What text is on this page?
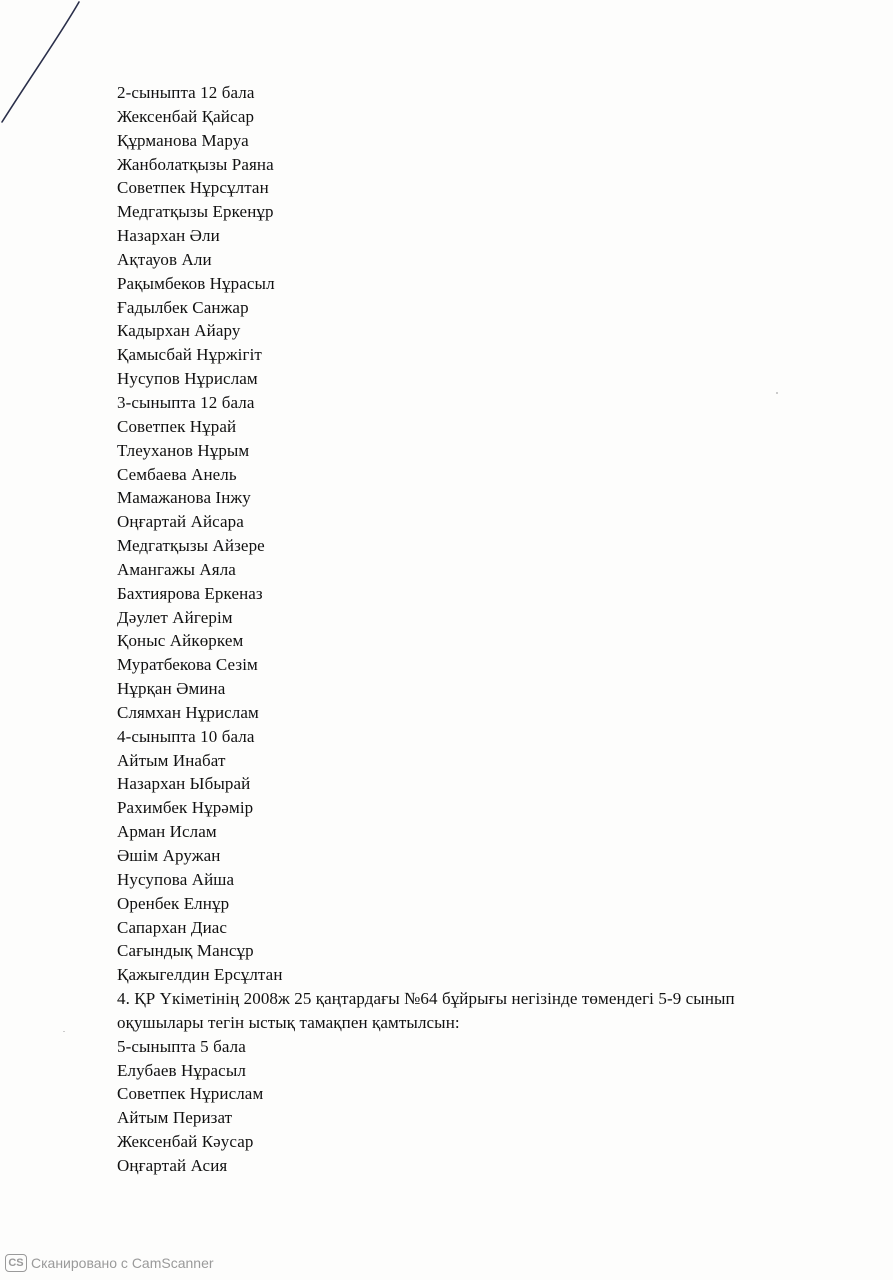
2-сыныпта 12 бала
Жексенбай Қайсар
Құрманова Маруа
Жанболатқызы Раяна
Советпек Нұрсұлтан
Медгатқызы Еркенұр
Назархан Әли
Ақтауов Али
Рақымбеков Нұрасыл
Ғадылбек Санжар
Кадырхан Айару
Қамысбай Нұржігіт
Нусупов Нұрислам
3-сыныпта 12 бала
Советпек Нұрай
Тлеуханов Нұрым
Сембаева Анель
Мамажанова Інжу
Оңғартай Айсара
Медгатқызы Айзере
Амангажы Аяла
Бахтиярова Еркеназ
Дәулет Айгерім
Қоныс Айкөркем
Муратбекова Сезім
Нұрқан Әмина
Слямхан Нұрислам
4-сыныпта 10 бала
Айтым Инабат
Назархан Ыбырай
Рахимбек Нұрәмір
Арман Ислам
Әшім Аружан
Нусупова Айша
Оренбек Елнұр
Сапархан Диас
Сағындық Мансұр
Қажыгелдин Ерсұлтан
4. ҚР Үкіметінің 2008ж 25 қаңтардағы №64 бұйрығы негізінде төмендегі 5-9 сынып
оқушылары тегін ыстық тамақпен қамтылсын:
5-сыныпта 5 бала
Елубаев Нұрасыл
Советпек Нұрислам
Айтым Перизат
Жексенбай Кәусар
Оңғартай Асия
CS Сканировано с CamScanner
